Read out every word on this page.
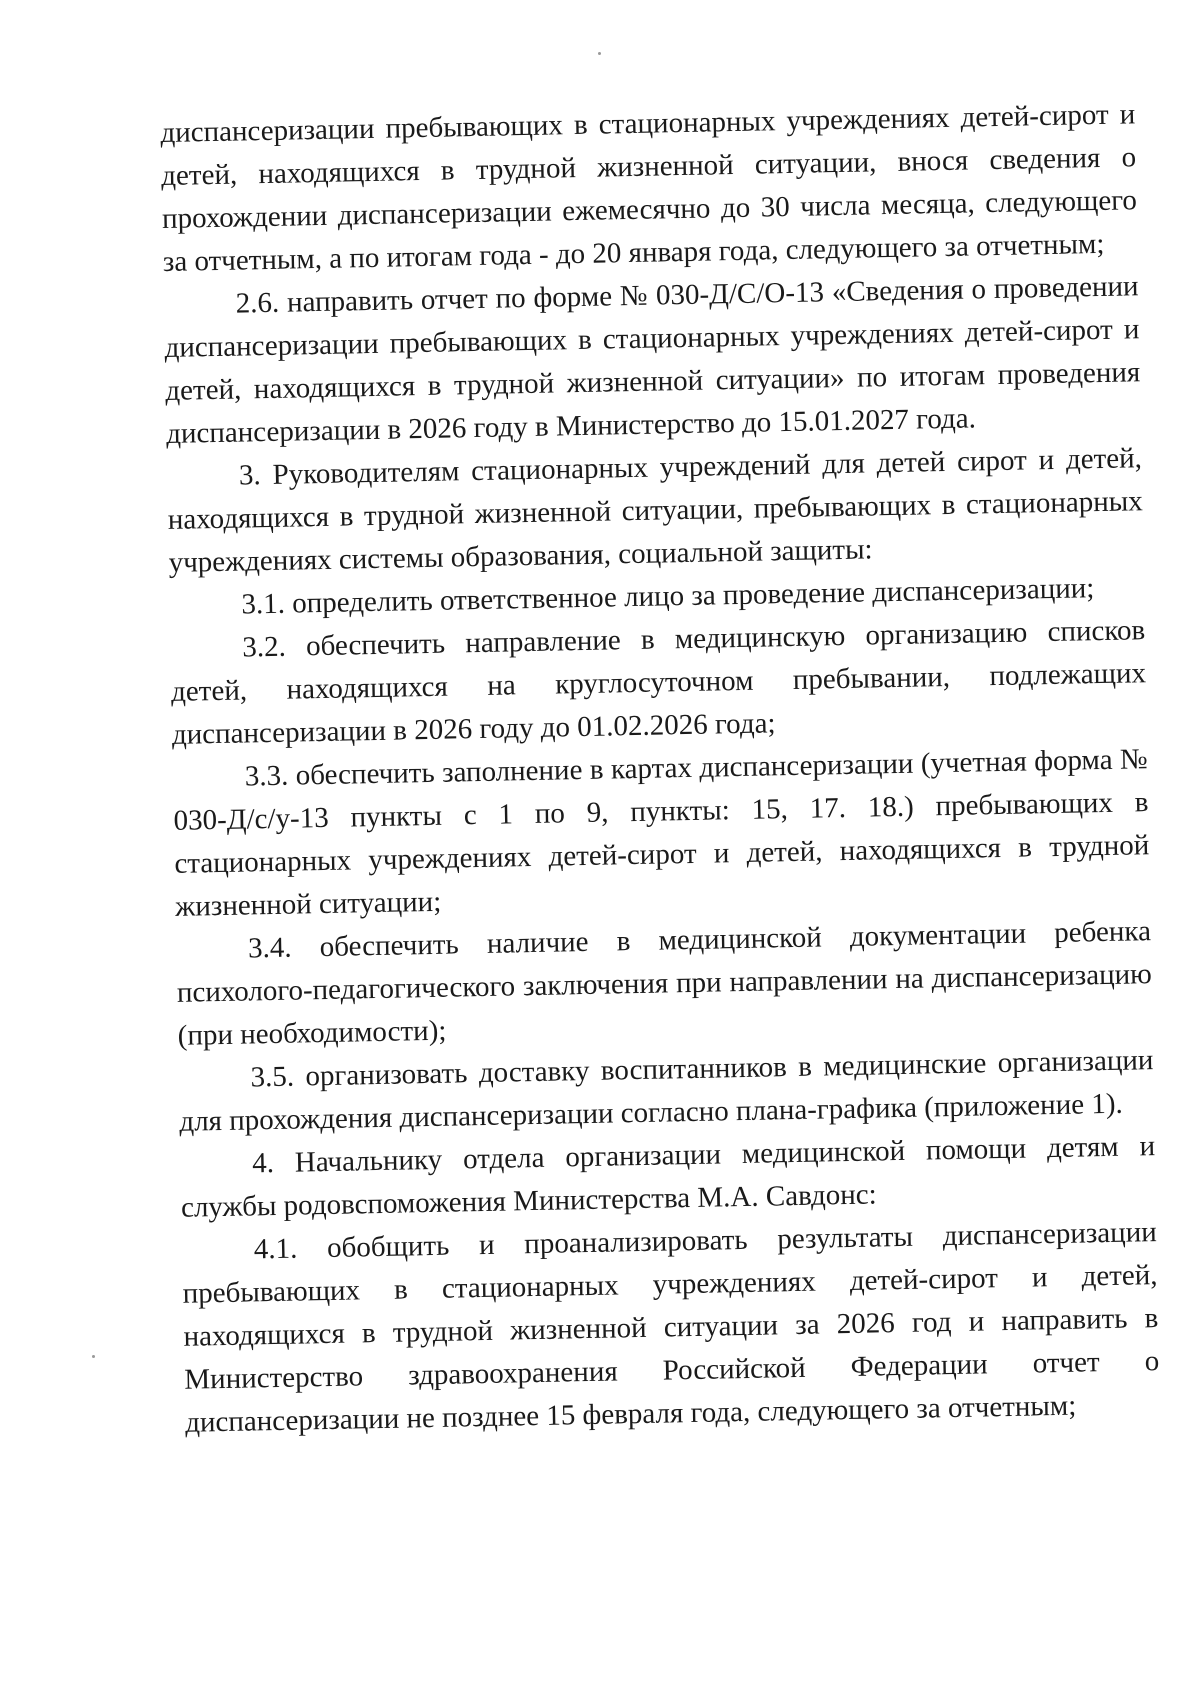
диспансеризации пребывающих в стационарных учреждениях детей-сирот и детей, находящихся в трудной жизненной ситуации, внося сведения о прохождении диспансеризации ежемесячно до 30 числа месяца, следующего за отчетным, а по итогам года - до 20 января года, следующего за отчетным;

2.6. направить отчет по форме № 030-Д/С/О-13 «Сведения о проведении диспансеризации пребывающих в стационарных учреждениях детей-сирот и детей, находящихся в трудной жизненной ситуации» по итогам проведения диспансеризации в 2026 году в Министерство до 15.01.2027 года.

3. Руководителям стационарных учреждений для детей сирот и детей, находящихся в трудной жизненной ситуации, пребывающих в стационарных учреждениях системы образования, социальной защиты:

3.1. определить ответственное лицо за проведение диспансеризации;

3.2. обеспечить направление в медицинскую организацию списков детей, находящихся на круглосуточном пребывании, подлежащих диспансеризации в 2026 году до 01.02.2026 года;

3.3. обеспечить заполнение в картах диспансеризации (учетная форма № 030-Д/с/у-13 пункты с 1 по 9, пункты: 15, 17. 18.) пребывающих в стационарных учреждениях детей-сирот и детей, находящихся в трудной жизненной ситуации;

3.4. обеспечить наличие в медицинской документации ребенка психолого-педагогического заключения при направлении на диспансеризацию (при необходимости);

3.5. организовать доставку воспитанников в медицинские организации для прохождения диспансеризации согласно плана-графика (приложение 1).

4. Начальнику отдела организации медицинской помощи детям и службы родовспоможения Министерства М.А. Савдонс:

4.1. обобщить и проанализировать результаты диспансеризации пребывающих в стационарных учреждениях детей-сирот и детей, находящихся в трудной жизненной ситуации за 2026 год и направить в Министерство здравоохранения Российской Федерации отчет о диспансеризации не позднее 15 февраля года, следующего за отчетным;
